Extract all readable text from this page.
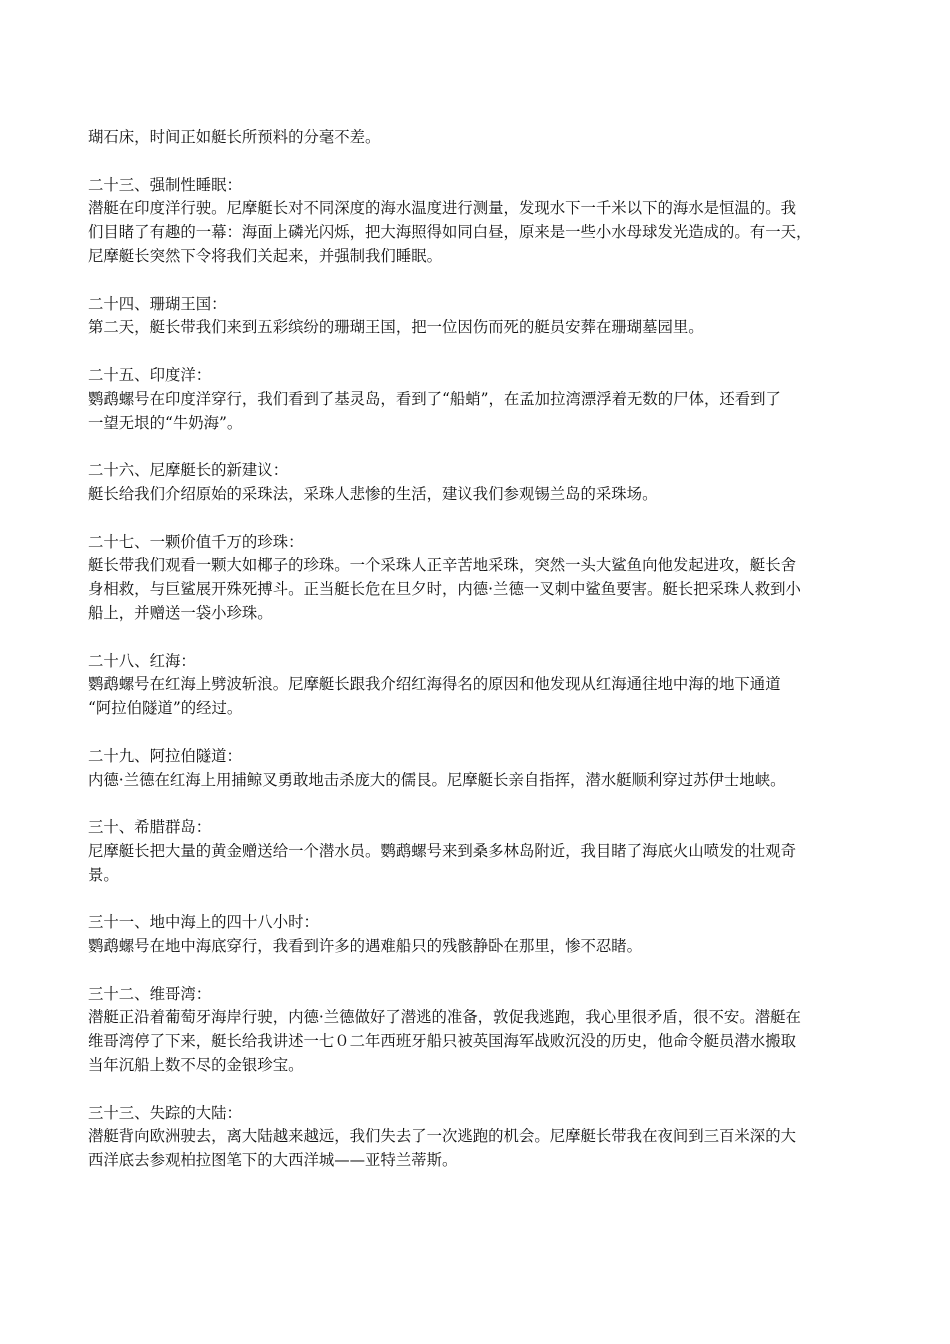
瑚石床，时间正如艇长所预料的分毫不差。

二十三、强制性睡眠：

潜艇在印度洋行驶。尼摩艇长对不同深度的海水温度进行测量，发现水下一千米以下的海水是恒温的。我

们目睹了有趣的一幕：海面上磷光闪烁，把大海照得如同白昼，原来是一些小水母球发光造成的。有一天，

尼摩艇长突然下令将我们关起来，并强制我们睡眠。

二十四、珊瑚王国：

第二天，艇长带我们来到五彩缤纷的珊瑚王国，把一位因伤而死的艇员安葬在珊瑚墓园里。

二十五、印度洋：

鹦鹉螺号在印度洋穿行，我们看到了基灵岛，看到了“船蛸”，在孟加拉湾漂浮着无数的尸体，还看到了

一望无垠的“牛奶海”。

二十六、尼摩艇长的新建议：

艇长给我们介绍原始的采珠法，采珠人悲惨的生活，建议我们参观锡兰岛的采珠场。

二十七、一颗价值千万的珍珠：

艇长带我们观看一颗大如椰子的珍珠。一个采珠人正辛苦地采珠，突然一头大鲨鱼向他发起进攻，艇长舍

身相救，与巨鲨展开殊死搏斗。正当艇长危在旦夕时，内德·兰德一叉刺中鲨鱼要害。艇长把采珠人救到小

船上，并赠送一袋小珍珠。

二十八、红海：

鹦鹉螺号在红海上劈波斩浪。尼摩艇长跟我介绍红海得名的原因和他发现从红海通往地中海的地下通道

“阿拉伯隧道”的经过。

二十九、阿拉伯隧道：

内德·兰德在红海上用捕鲸叉勇敢地击杀庞大的儒艮。尼摩艇长亲自指挥，潜水艇顺利穿过苏伊士地峡。

三十、希腊群岛：

尼摩艇长把大量的黄金赠送给一个潜水员。鹦鹉螺号来到桑多林岛附近，我目睹了海底火山喷发的壮观奇

景。

三十一、地中海上的四十八小时：

鹦鹉螺号在地中海底穿行，我看到许多的遇难船只的残骸静卧在那里，惨不忍睹。

三十二、维哥湾：

潜艇正沿着葡萄牙海岸行驶，内德·兰德做好了潜逃的准备，敦促我逃跑，我心里很矛盾，很不安。潜艇在

维哥湾停了下来，艇长给我讲述一七０二年西班牙船只被英国海军战败沉没的历史，他命令艇员潜水搬取

当年沉船上数不尽的金银珍宝。

三十三、失踪的大陆：

潜艇背向欧洲驶去，离大陆越来越远，我们失去了一次逃跑的机会。尼摩艇长带我在夜间到三百米深的大

西洋底去参观柏拉图笔下的大西洋城——亚特兰蒂斯。
